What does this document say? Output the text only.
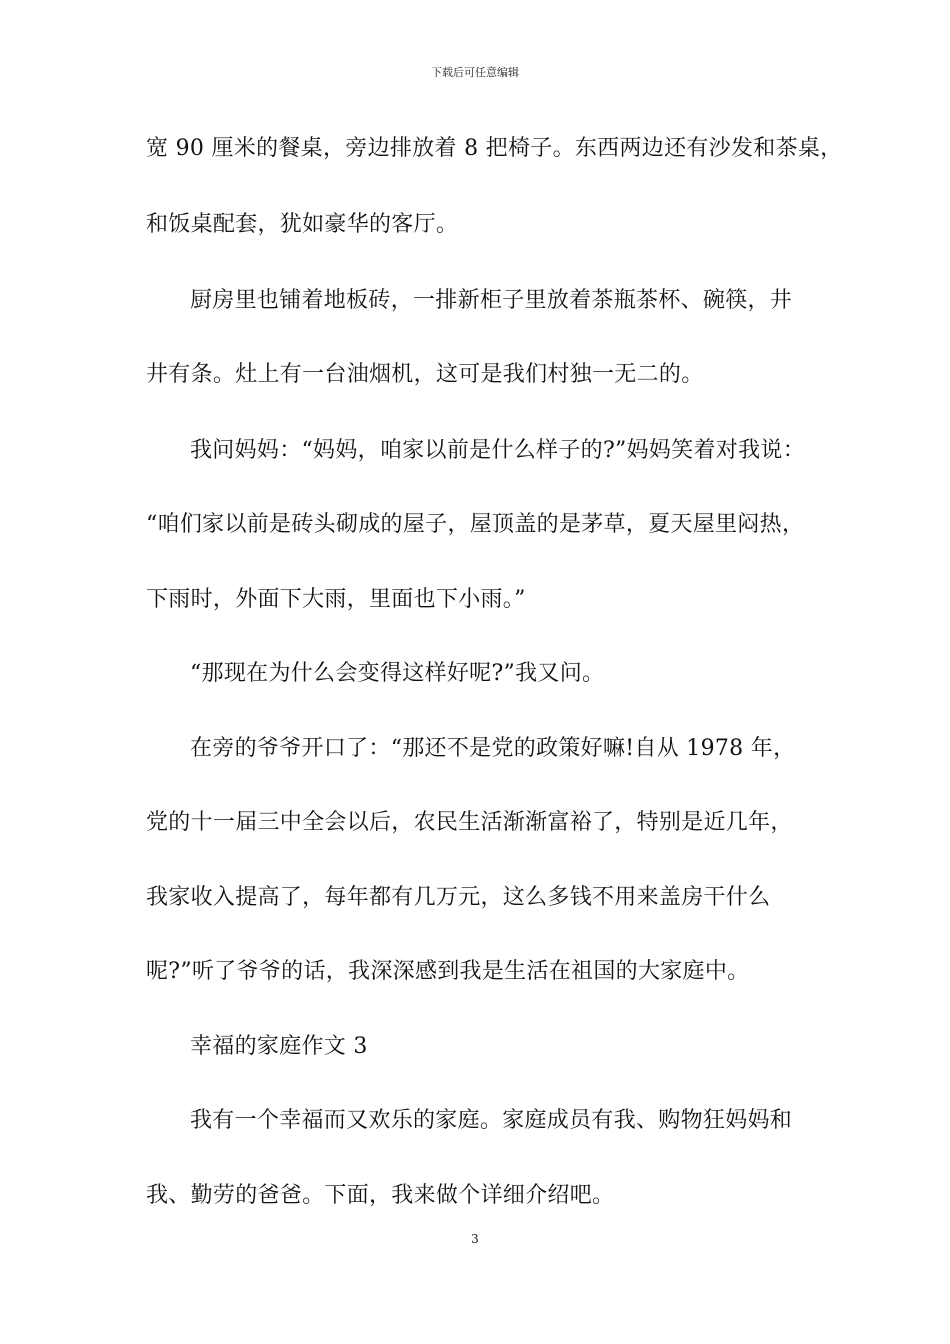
下载后可任意编辑
宽 90 厘米的餐桌，旁边排放着 8 把椅子。东西两边还有沙发和茶桌，
和饭桌配套，犹如豪华的客厅。
厨房里也铺着地板砖，一排新柜子里放着茶瓶茶杯、碗筷，井
井有条。灶上有一台油烟机，这可是我们村独一无二的。
我问妈妈：“妈妈，咱家以前是什么样子的?”妈妈笑着对我说：
“咱们家以前是砖头砌成的屋子，屋顶盖的是茅草，夏天屋里闷热，
下雨时，外面下大雨，里面也下小雨。”
“那现在为什么会变得这样好呢?”我又问。
在旁的爷爷开口了：“那还不是党的政策好嘛!自从 1978 年，
党的十一届三中全会以后，农民生活渐渐富裕了，特别是近几年，
我家收入提高了，每年都有几万元，这么多钱不用来盖房干什么
呢?”听了爷爷的话，我深深感到我是生活在祖国的大家庭中。
幸福的家庭作文 3
我有一个幸福而又欢乐的家庭。家庭成员有我、购物狂妈妈和
我、勤劳的爸爸。下面，我来做个详细介绍吧。
3
